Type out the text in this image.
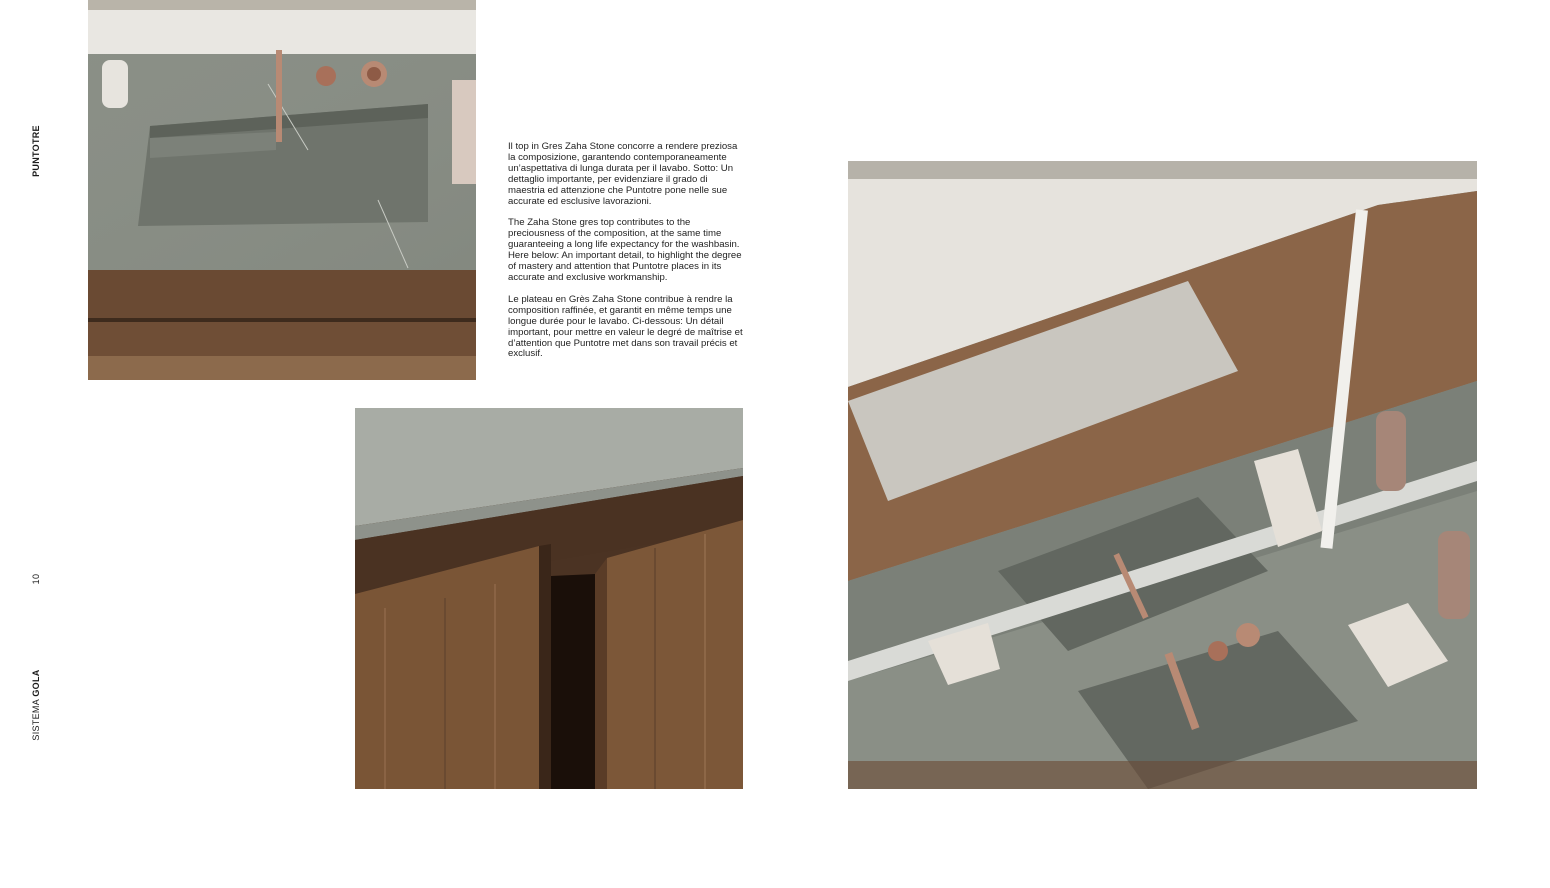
PUNTOTRE
10
SISTEMA GOLA

Il top in Gres Zaha Stone concorre a rendere preziosa la composizione, garantendo contemporaneamente un’aspettativa di lunga durata per il lavabo. Sotto: Un dettaglio importante, per evidenziare il grado di maestria ed attenzione che Puntotre pone nelle sue accurate ed esclusive lavorazioni.

The Zaha Stone gres top contributes to the preciousness of the composition, at the same time guaranteeing a long life expectancy for the washbasin. Here below: An important detail, to highlight the degree of mastery and attention that Puntotre places in its accurate and exclusive workmanship.

Le plateau en Grès Zaha Stone contribue à rendre la composition raffinée, et garantit en même temps une longue durée pour le lavabo. Ci-dessous: Un détail important, pour mettre en valeur le degré de maîtrise et d’attention que Puntotre met dans son travail précis et exclusif.
